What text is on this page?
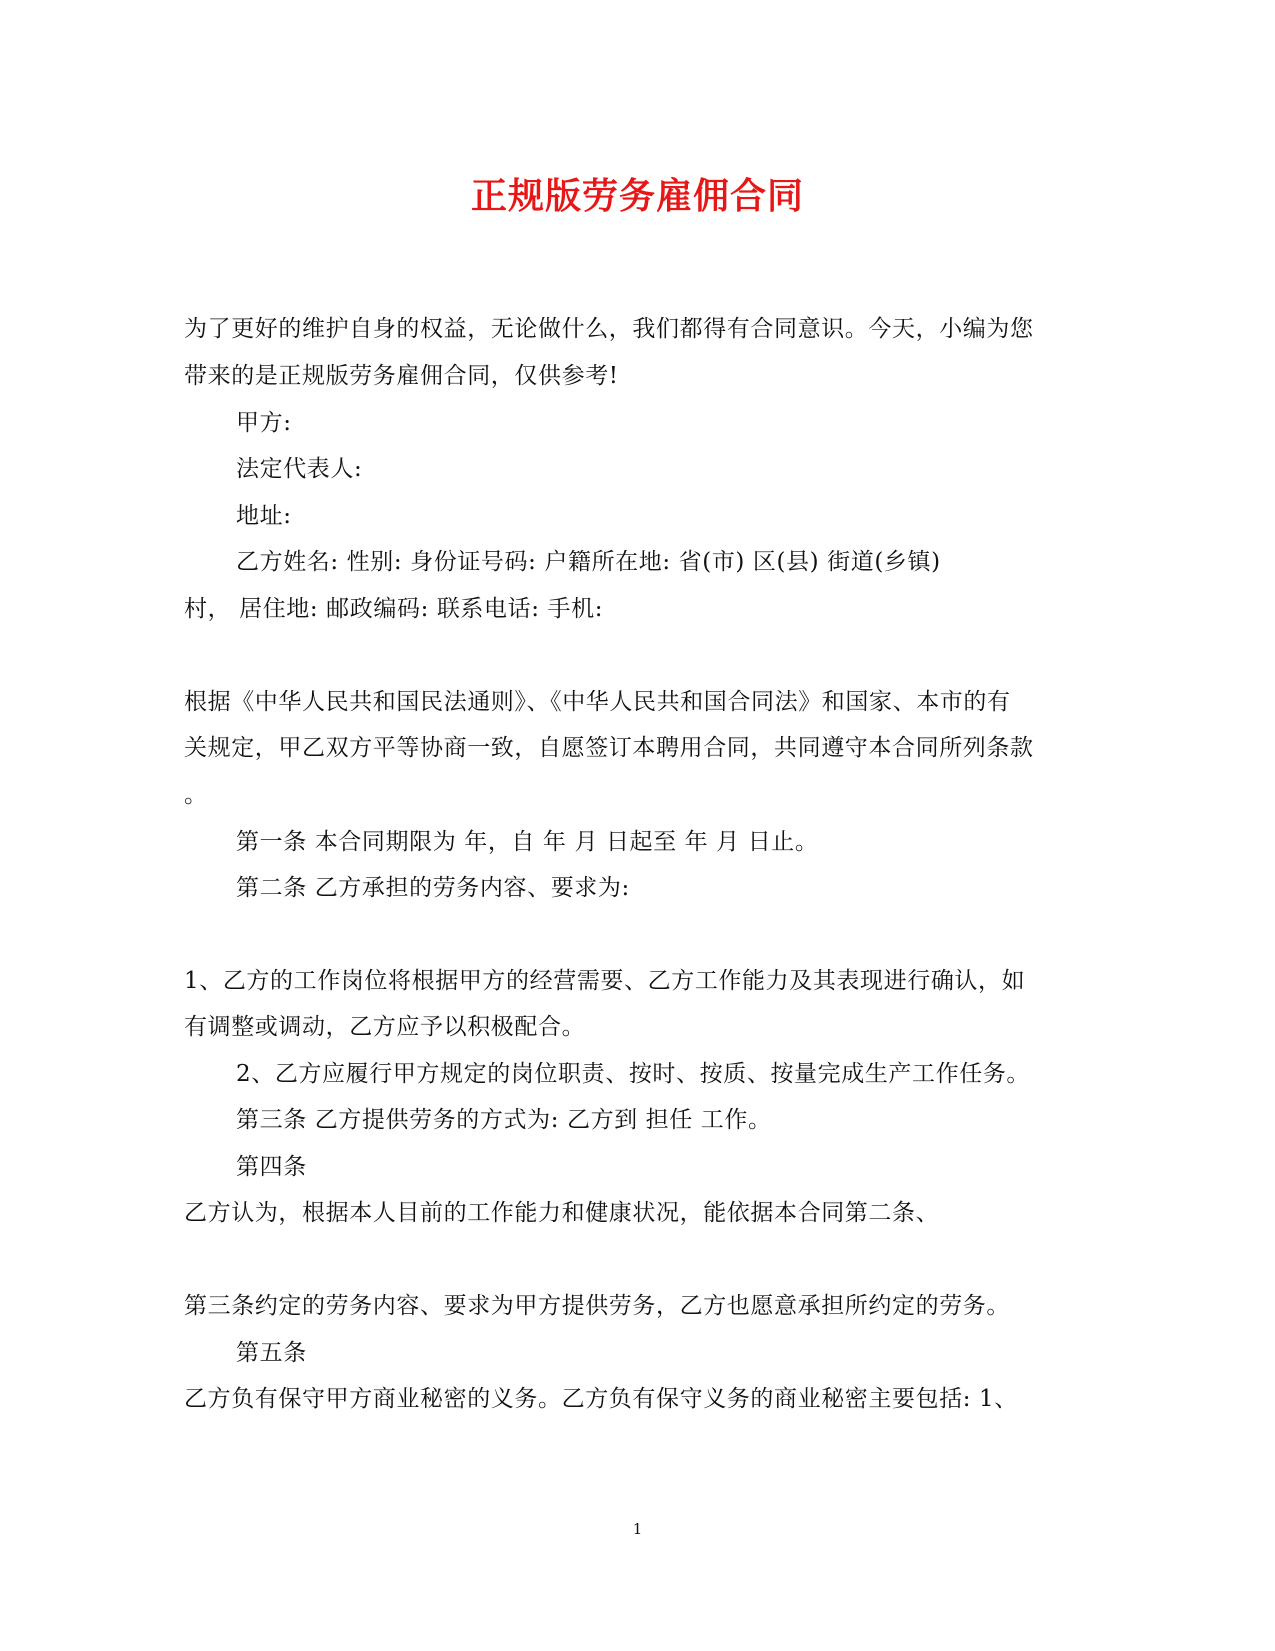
正规版劳务雇佣合同
为了更好的维护自身的权益，无论做什么，我们都得有合同意识。今天，小编为您
带来的是正规版劳务雇佣合同，仅供参考!
甲方:
法定代表人:
地址:
乙方姓名: 性别: 身份证号码: 户籍所在地: 省(市) 区(县) 街道(乡镇)
村， 居住地: 邮政编码: 联系电话: 手机:
根据《中华人民共和国民法通则》、《中华人民共和国合同法》和国家、本市的有
关规定，甲乙双方平等协商一致，自愿签订本聘用合同，共同遵守本合同所列条款
。
第一条 本合同期限为 年，自 年 月 日起至 年 月 日止。
第二条 乙方承担的劳务内容、要求为:
1、乙方的工作岗位将根据甲方的经营需要、乙方工作能力及其表现进行确认，如
有调整或调动，乙方应予以积极配合。
2、乙方应履行甲方规定的岗位职责、按时、按质、按量完成生产工作任务。
第三条 乙方提供劳务的方式为: 乙方到 担任 工作。
第四条
乙方认为，根据本人目前的工作能力和健康状况，能依据本合同第二条、
第三条约定的劳务内容、要求为甲方提供劳务，乙方也愿意承担所约定的劳务。
第五条
乙方负有保守甲方商业秘密的义务。乙方负有保守义务的商业秘密主要包括: 1、
1
